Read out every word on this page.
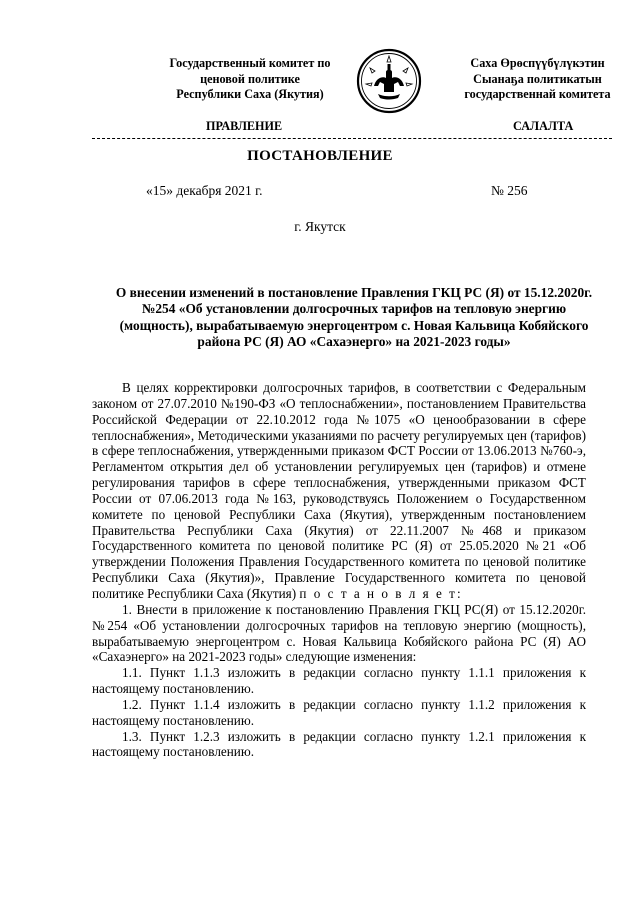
Государственный комитет по
ценовой политике
Республики Саха (Якутия)
Саха Өрөспүүбүлүкэтин
Сыанаҕа политикатын
государственнай комитета
ПРАВЛЕНИЕ	САЛАЛТА
ПОСТАНОВЛЕНИЕ
«15» декабря 2021 г.	№ 256
г. Якутск
О внесении изменений в постановление Правления ГКЦ РС (Я) от 15.12.2020г. №254 «Об установлении долгосрочных тарифов на тепловую энергию (мощность), вырабатываемую энергоцентром с. Новая Кальвица Кобяйского района РС (Я) АО «Сахаэнерго» на 2021-2023 годы»

В целях корректировки долгосрочных тарифов, в соответствии с Федеральным законом от 27.07.2010 №190-ФЗ «О теплоснабжении», постановлением Правительства Российской Федерации от 22.10.2012 года №1075 «О ценообразовании в сфере теплоснабжения», Методическими указаниями по расчету регулируемых цен (тарифов) в сфере теплоснабжения, утвержденными приказом ФСТ России от 13.06.2013 №760-э, Регламентом открытия дел об установлении регулируемых цен (тарифов) и отмене регулирования тарифов в сфере теплоснабжения, утвержденными приказом ФСТ России от 07.06.2013 года №163, руководствуясь Положением о Государственном комитете по ценовой Республики Саха (Якутия), утвержденным постановлением Правительства Республики Саха (Якутия) от 22.11.2007 №468 и приказом Государственного комитета по ценовой политике РС (Я) от 25.05.2020 №21 «Об утверждении Положения Правления Государственного комитета по ценовой политике Республики Саха (Якутия)», Правление Государственного комитета по ценовой политике Республики Саха (Якутия) п о с т а н о в л я е т:

1. Внести в приложение к постановлению Правления ГКЦ РС(Я) от 15.12.2020г. №254 «Об установлении долгосрочных тарифов на тепловую энергию (мощность), вырабатываемую энергоцентром с. Новая Кальвица Кобяйского района РС (Я) АО «Сахаэнерго» на 2021-2023 годы» следующие изменения:

1.1. Пункт 1.1.3 изложить в редакции согласно пункту 1.1.1 приложения к настоящему постановлению.

1.2. Пункт 1.1.4 изложить в редакции согласно пункту 1.1.2 приложения к настоящему постановлению.

1.3. Пункт 1.2.3 изложить в редакции согласно пункту 1.2.1 приложения к настоящему постановлению.
